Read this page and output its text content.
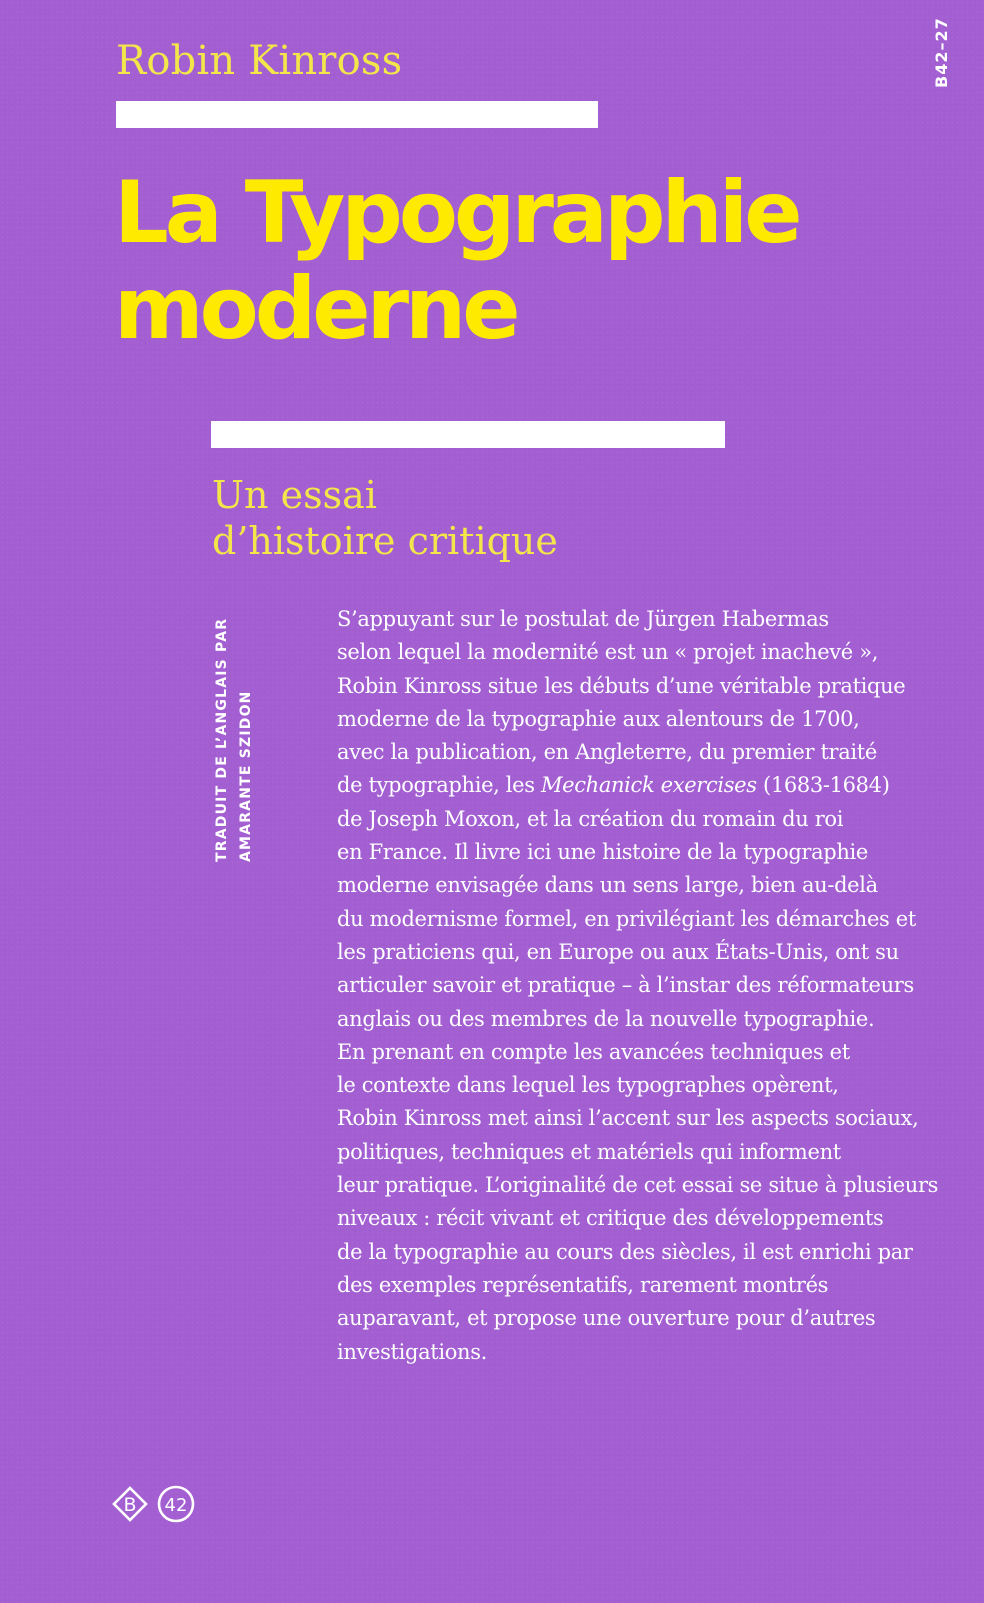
Robin Kinross	B42–27
La Typographie
moderne
Un essai
d’histoire critique
TRADUIT DE L’ANGLAIS PAR AMARANTE SZIDON
S’appuyant sur le postulat de Jürgen Habermas
selon lequel la modernité est un « projet inachevé »,
Robin Kinross situe les débuts d’une véritable pratique
moderne de la typographie aux alentours de 1700,
avec la publication, en Angleterre, du premier traité
de typographie, les Mechanick exercises (1683-1684)
de Joseph Moxon, et la création du romain du roi
en France. Il livre ici une histoire de la typographie
moderne envisagée dans un sens large, bien au-delà
du modernisme formel, en privilégiant les démarches et
les praticiens qui, en Europe ou aux États-Unis, ont su
articuler savoir et pratique – à l’instar des réformateurs
anglais ou des membres de la nouvelle typographie.
En prenant en compte les avancées techniques et
le contexte dans lequel les typographes opèrent,
Robin Kinross met ainsi l’accent sur les aspects sociaux,
politiques, techniques et matériels qui informent
leur pratique. L’originalité de cet essai se situe à plusieurs
niveaux : récit vivant et critique des développements
de la typographie au cours des siècles, il est enrichi par
des exemples représentatifs, rarement montrés
auparavant, et propose une ouverture pour d’autres
investigations.
B 42
